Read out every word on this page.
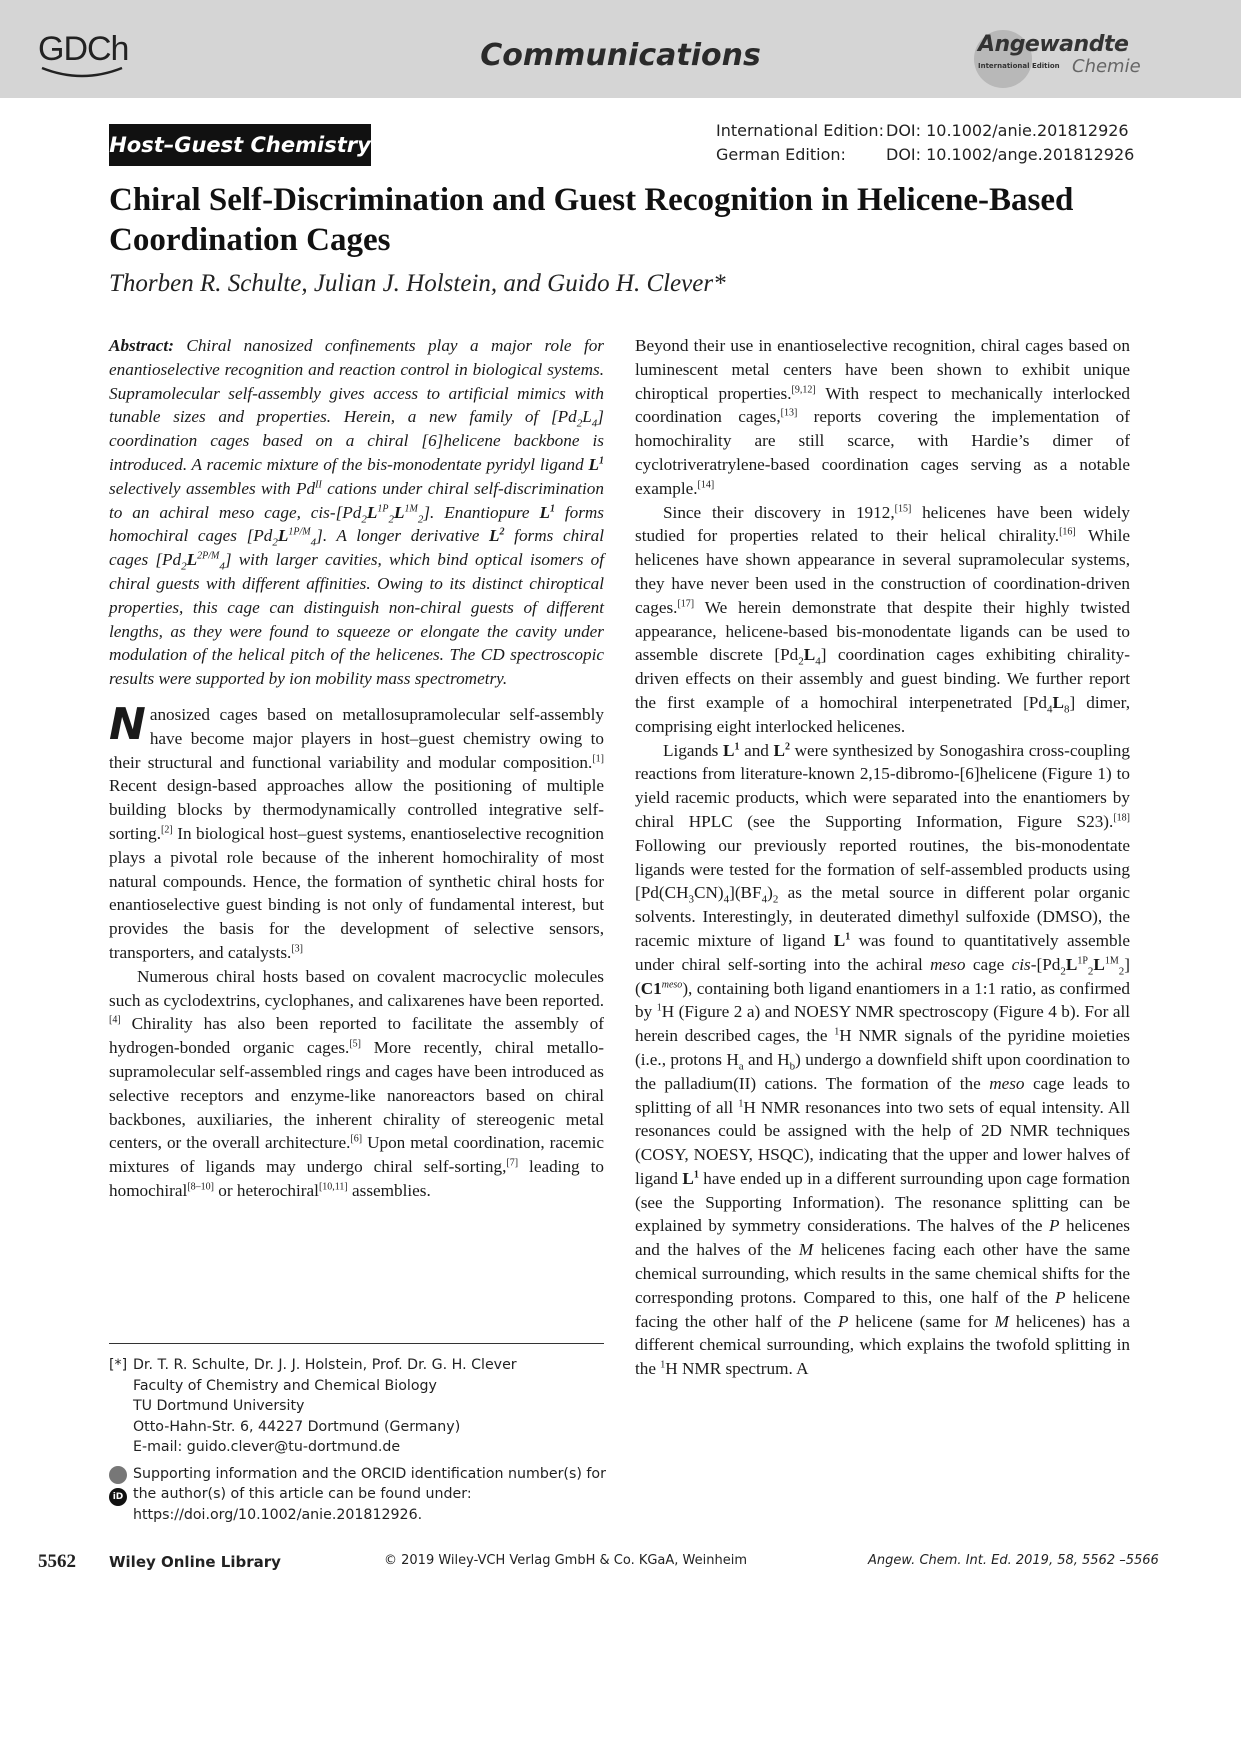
GDCh	Communications	Angewandte
International Edition Chemie
Host–Guest Chemistry
International Edition: DOI: 10.1002/anie.201812926
German Edition:	DOI: 10.1002/ange.201812926
Chiral Self-Discrimination and Guest Recognition in Helicene-Based Coordination Cages
Thorben R. Schulte, Julian J. Holstein, and Guido H. Clever*

Abstract: Chiral nanosized confinements play a major role for enantioselective recognition and reaction control in biological systems. Supramolecular self-assembly gives access to artificial mimics with tunable sizes and properties. Herein, a new family of $[Pd_2L_4]$ coordination cages based on a chiral [6]helicene backbone is introduced. A racemic mixture of the bis-monodentate pyridyl ligand $L^1$ selectively assembles with $Pd^{II}$ cations under chiral self-discrimination to an achiral meso cage, cis-$[Pd_2L^{1P}_2L^{1M}_2]$. Enantiopure $L^1$ forms homochiral cages $[Pd_2L^{1P/M}_4]$. A longer derivative $L^2$ forms chiral cages $[Pd_2L^{2P/M}_4]$ with larger cavities, which bind optical isomers of chiral guests with different affinities. Owing to its distinct chiroptical properties, this cage can distinguish non-chiral guests of different lengths, as they were found to squeeze or elongate the cavity under modulation of the helical pitch of the helicenes. The CD spectroscopic results were supported by ion mobility mass spectrometry.

Nanosized cages based on metallosupramolecular self-assembly have become major players in host–guest chemistry owing to their structural and functional variability and modular composition.[1] Recent design-based approaches allow the positioning of multiple building blocks by thermodynamically controlled integrative self-sorting.[2] In biological host–guest systems, enantioselective recognition plays a pivotal role because of the inherent homochirality of most natural compounds. Hence, the formation of synthetic chiral hosts for enantioselective guest binding is not only of fundamental interest, but provides the basis for the development of selective sensors, transporters, and catalysts.[3]

Numerous chiral hosts based on covalent macrocyclic molecules such as cyclodextrins, cyclophanes, and calixarenes have been reported.[4] Chirality has also been reported to facilitate the assembly of hydrogen-bonded organic cages.[5] More recently, chiral metallo-supramolecular self-assembled rings and cages have been introduced as selective receptors and enzyme-like nanoreactors based on chiral backbones, auxiliaries, the inherent chirality of stereogenic metal centers, or the overall architecture.[6] Upon metal coordination, racemic mixtures of ligands may undergo chiral self-sorting,[7] leading to homochiral[8–10] or heterochiral[10,11] assemblies.

Beyond their use in enantioselective recognition, chiral cages based on luminescent metal centers have been shown to exhibit unique chiroptical properties.[9,12] With respect to mechanically interlocked coordination cages,[13] reports covering the implementation of homochirality are still scarce, with Hardie’s dimer of cyclotriveratrylene-based coordination cages serving as a notable example.[14]

Since their discovery in 1912,[15] helicenes have been widely studied for properties related to their helical chirality.[16] While helicenes have shown appearance in several supramolecular systems, they have never been used in the construction of coordination-driven cages.[17] We herein demonstrate that despite their highly twisted appearance, helicene-based bis-monodentate ligands can be used to assemble discrete $[Pd_2L_4]$ coordination cages exhibiting chirality-driven effects on their assembly and guest binding. We further report the first example of a homochiral interpenetrated $[Pd_4L_8]$ dimer, comprising eight interlocked helicenes.

Ligands $L^1$ and $L^2$ were synthesized by Sonogashira cross-coupling reactions from literature-known 2,15-dibromo-[6]helicene (Figure 1) to yield racemic products, which were separated into the enantiomers by chiral HPLC (see the Supporting Information, Figure S23).[18] Following our previously reported routines, the bis-monodentate ligands were tested for the formation of self-assembled products using $[Pd(CH_3CN)_4](BF_4)_2$ as the metal source in different polar organic solvents. Interestingly, in deuterated dimethyl sulfoxide (DMSO), the racemic mixture of ligand $L^1$ was found to quantitatively assemble under chiral self-sorting into the achiral meso cage cis-$[Pd_2L^{1P}_2L^{1M}_2]$ $(C1^{meso})$, containing both ligand enantiomers in a 1:1 ratio, as confirmed by $^1$H (Figure 2 a) and NOESY NMR spectroscopy (Figure 4 b). For all herein described cages, the $^1$H NMR signals of the pyridine moieties (i.e., protons $H_a$ and $H_b$) undergo a downfield shift upon coordination to the palladium(II) cations. The formation of the meso cage leads to splitting of all $^1$H NMR resonances into two sets of equal intensity. All resonances could be assigned with the help of 2D NMR techniques (COSY, NOESY, HSQC), indicating that the upper and lower halves of ligand $L^1$ have ended up in a different surrounding upon cage formation (see the Supporting Information). The resonance splitting can be explained by symmetry considerations. The halves of the P helicenes and the halves of the M helicenes facing each other have the same chemical surrounding, which results in the same chemical shifts for the corresponding protons. Compared to this, one half of the P helicene facing the other half of the P helicene (same for M helicenes) has a different chemical surrounding, which explains the twofold splitting in the $^1$H NMR spectrum. A

[*] Dr. T. R. Schulte, Dr. J. J. Holstein, Prof. Dr. G. H. Clever
Faculty of Chemistry and Chemical Biology
TU Dortmund University
Otto-Hahn-Str. 6, 44227 Dortmund (Germany)
E-mail: guido.clever@tu-dortmund.de
iD
Supporting information and the ORCID identification number(s) for the author(s) of this article can be found under:
https://doi.org/10.1002/anie.201812926.
5562 Wiley Online Library	© 2019 Wiley-VCH Verlag GmbH & Co. KGaA, Weinheim	Angew. Chem. Int. Ed. 2019, 58, 5562 –5566
